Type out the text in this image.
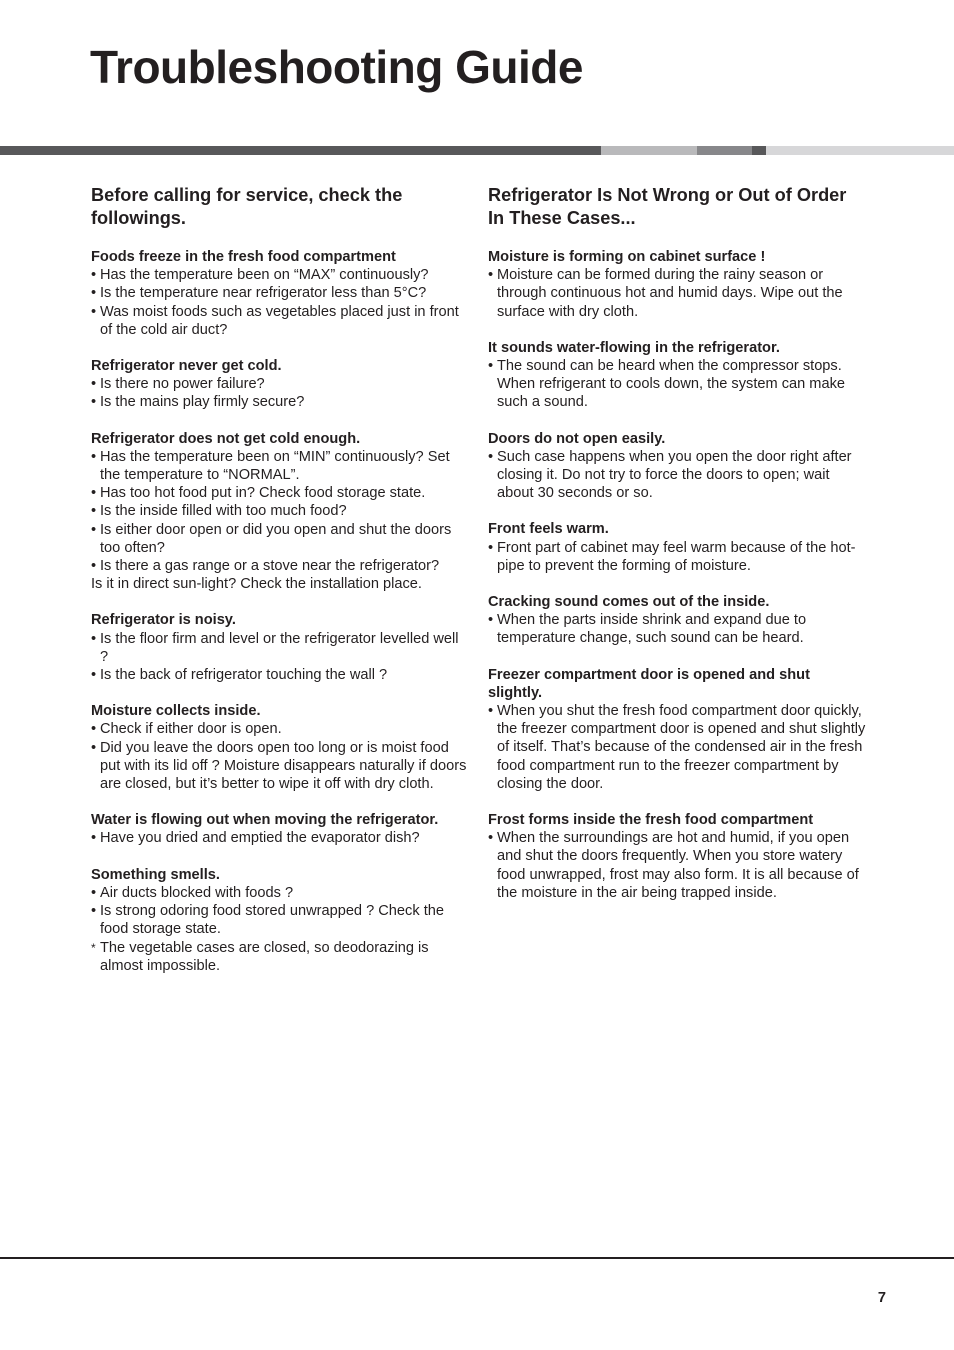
Troubleshooting Guide
Before calling for service, check the followings.
Foods freeze in the fresh food compartment
• Has the temperature been on “MAX” continuously?
• Is the temperature near refrigerator less than 5°C?
• Was moist foods such as vegetables placed just in front of the cold air duct?
Refrigerator never get cold.
• Is there no power failure?
• Is the mains play firmly secure?
Refrigerator does not get cold enough.
• Has the temperature been on “MIN” continuously? Set the temperature to “NORMAL”.
• Has too hot food put in? Check food storage state.
• Is the inside filled with too much food?
• Is either door open or did you open and shut the doors too often?
• Is there a gas range or a stove near the refrigerator?

Is it in direct sun-light? Check the installation place.

Refrigerator is noisy.
• Is the floor firm and level or the refrigerator levelled well ?
• Is the back of refrigerator touching the wall ?
Moisture collects inside.
• Check if either door is open.
• Did you leave the doors open too long or is moist food put with its lid off ? Moisture disappears naturally if doors are closed, but it’s better to wipe it off with dry cloth.
Water is flowing out when moving the refrigerator.
• Have you dried and emptied the evaporator dish?
Something smells.
• Air ducts blocked with foods ?
• Is strong odoring food stored unwrapped ? Check the food storage state.

* The vegetable cases are closed, so deodorazing is almost impossible.

Refrigerator Is Not Wrong or Out of Order In These Cases...
Moisture is forming on cabinet surface !
• Moisture can be formed during the rainy season or through continuous hot and humid days. Wipe out the surface with dry cloth.
It sounds water-flowing in the refrigerator.
• The sound can be heard when the compressor stops. When refrigerant to cools down, the system can make such a sound.
Doors do not open easily.
• Such case happens when you open the door right after closing it. Do not try to force the doors to open; wait about 30 seconds or so.
Front feels warm.
• Front part of cabinet may feel warm because of the hot-pipe to prevent the forming of moisture.
Cracking sound comes out of the inside.
• When the parts inside shrink and expand due to temperature change, such sound can be heard.
Freezer compartment door is opened and shut slightly.
• When you shut the fresh food compartment door quickly, the freezer compartment door is opened and shut slightly of itself. That’s because of the condensed air in the fresh food compartment run to the freezer compartment by closing the door.
Frost forms inside the fresh food compartment
• When the surroundings are hot and humid, if you open and shut the doors frequently. When you store watery food unwrapped, frost may also form. It is all because of the moisture in the air being trapped inside.
7
